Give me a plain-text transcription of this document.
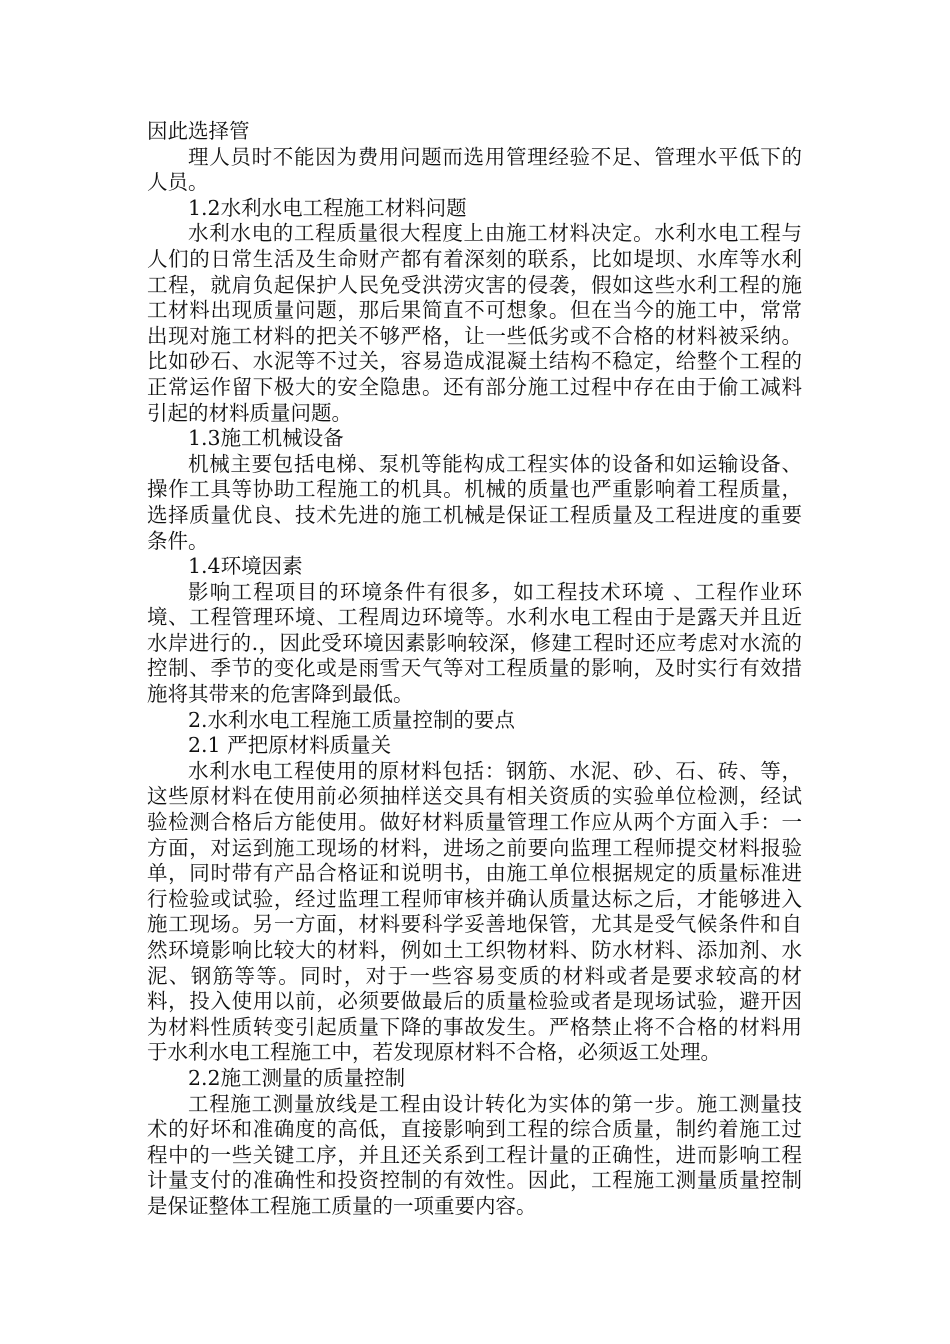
因此选择管

理人员时不能因为费用问题而选用管理经验不足、管理水平低下的人员。

1.2水利水电工程施工材料问题

水利水电的工程质量很大程度上由施工材料决定。水利水电工程与人们的日常生活及生命财产都有着深刻的联系，比如堤坝、水库等水利工程，就肩负起保护人民免受洪涝灾害的侵袭，假如这些水利工程的施工材料出现质量问题，那后果简直不可想象。但在当今的施工中，常常出现对施工材料的把关不够严格，让一些低劣或不合格的材料被采纳。比如砂石、水泥等不过关，容易造成混凝土结构不稳定，给整个工程的正常运作留下极大的安全隐患。还有部分施工过程中存在由于偷工减料引起的材料质量问题。

1.3施工机械设备

机械主要包括电梯、泵机等能构成工程实体的设备和如运输设备、操作工具等协助工程施工的机具。机械的质量也严重影响着工程质量，选择质量优良、技术先进的施工机械是保证工程质量及工程进度的重要条件。

1.4环境因素

影响工程项目的环境条件有很多，如工程技术环境 、工程作业环境、工程管理环境、工程周边环境等。水利水电工程由于是露天并且近水岸进行的.，因此受环境因素影响较深，修建工程时还应考虑对水流的控制、季节的变化或是雨雪天气等对工程质量的影响，及时实行有效措施将其带来的危害降到最低。

2.水利水电工程施工质量控制的要点

2.1 严把原材料质量关

水利水电工程使用的原材料包括：钢筋、水泥、砂、石、砖、等，这些原材料在使用前必须抽样送交具有相关资质的实验单位检测，经试验检测合格后方能使用。做好材料质量管理工作应从两个方面入手：一方面，对运到施工现场的材料，进场之前要向监理工程师提交材料报验单，同时带有产品合格证和说明书，由施工单位根据规定的质量标准进行检验或试验，经过监理工程师审核并确认质量达标之后，才能够进入施工现场。另一方面，材料要科学妥善地保管，尤其是受气候条件和自然环境影响比较大的材料，例如土工织物材料、防水材料、添加剂、水泥、钢筋等等。同时，对于一些容易变质的材料或者是要求较高的材料，投入使用以前，必须要做最后的质量检验或者是现场试验，避开因为材料性质转变引起质量下降的事故发生。严格禁止将不合格的材料用于水利水电工程施工中，若发现原材料不合格，必须返工处理。

2.2施工测量的质量控制

工程施工测量放线是工程由设计转化为实体的第一步。施工测量技术的好坏和准确度的高低，直接影响到工程的综合质量，制约着施工过程中的一些关键工序，并且还关系到工程计量的正确性，进而影响工程计量支付的准确性和投资控制的有效性。因此，工程施工测量质量控制是保证整体工程施工质量的一项重要内容。
